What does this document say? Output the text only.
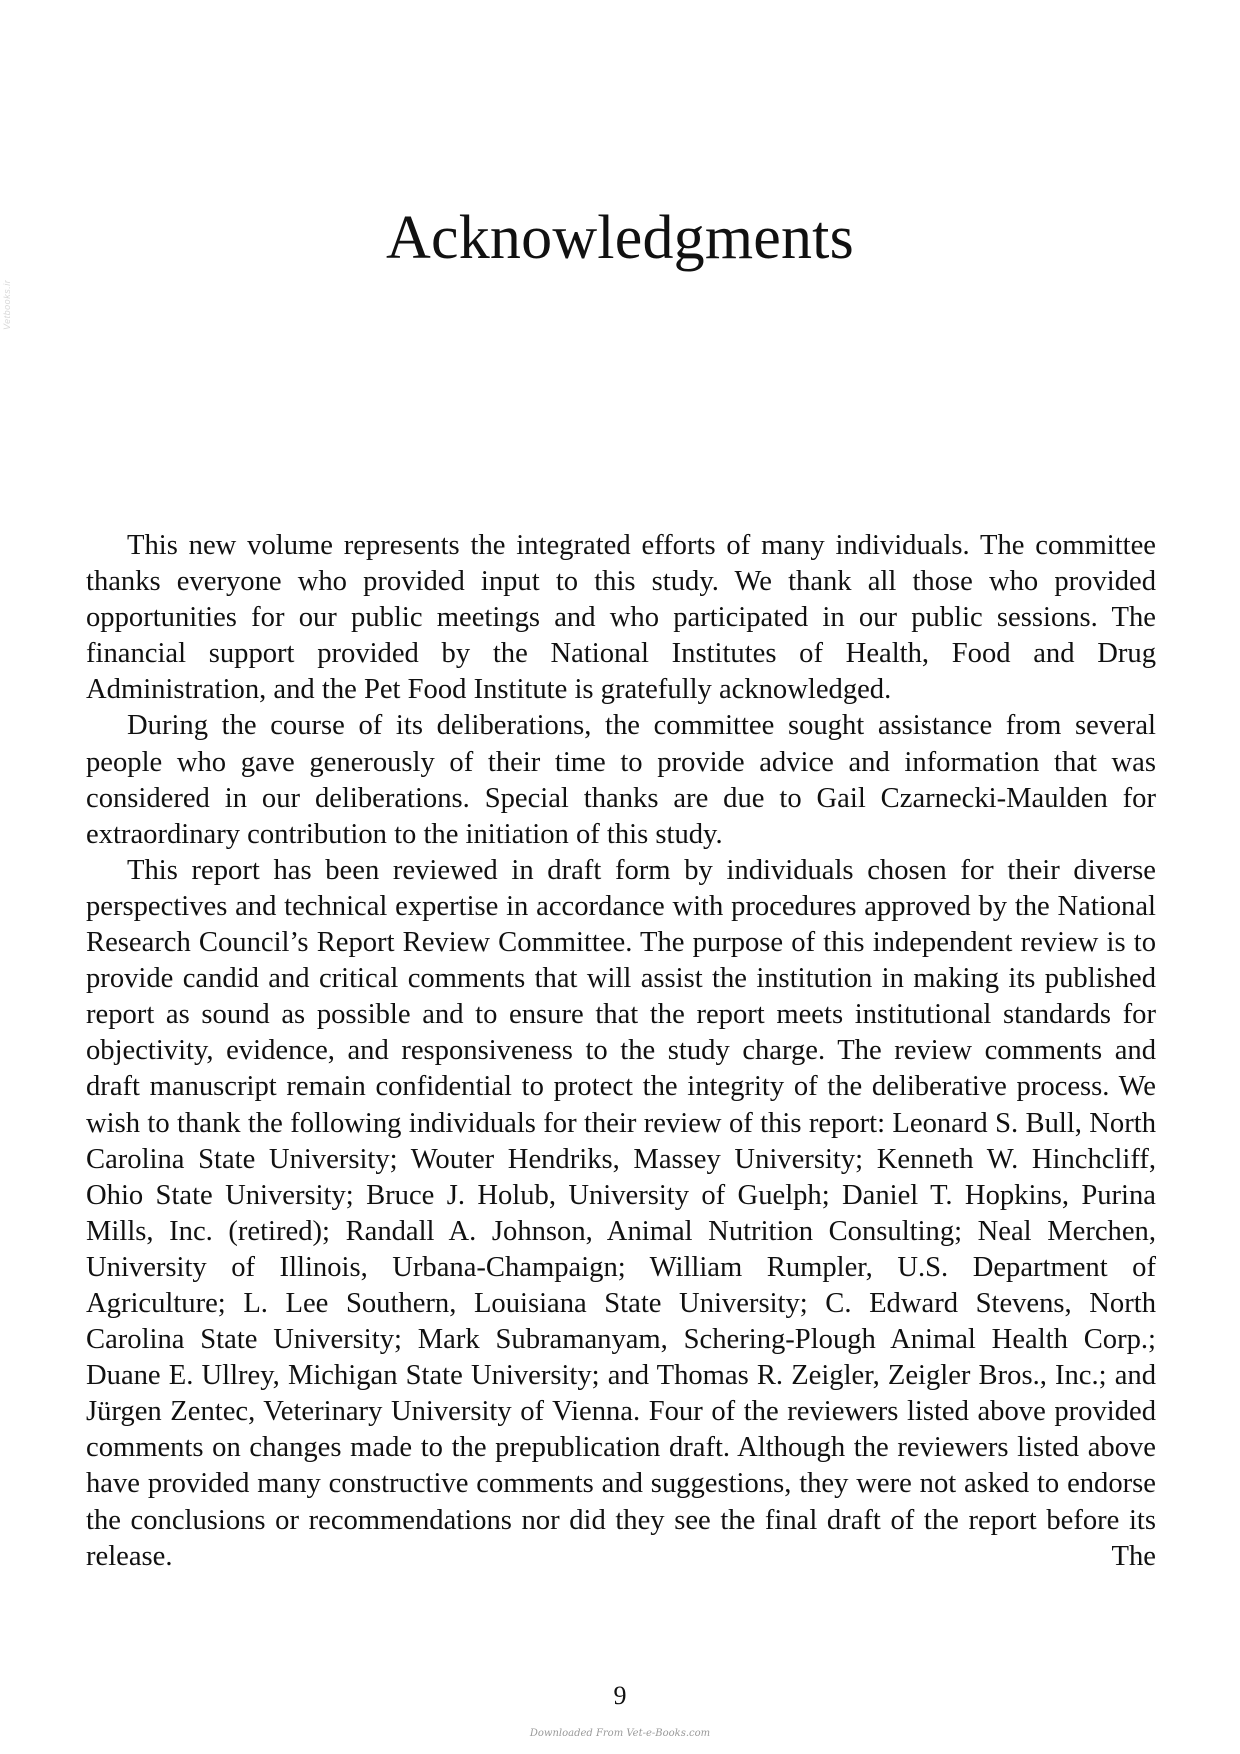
Vetbooks.ir
Acknowledgments

This new volume represents the integrated efforts of many individuals. The committee thanks everyone who provided input to this study. We thank all those who provided opportunities for our public meetings and who participated in our public sessions. The financial support provided by the National Institutes of Health, Food and Drug Administration, and the Pet Food Institute is gratefully acknowledged.

During the course of its deliberations, the committee sought assistance from several people who gave generously of their time to provide advice and information that was considered in our deliberations. Special thanks are due to Gail Czarnecki-Maulden for extraordinary contribution to the initiation of this study.

This report has been reviewed in draft form by individuals chosen for their diverse perspectives and technical expertise in accordance with procedures approved by the National Research Council’s Report Review Committee. The purpose of this independent review is to provide candid and critical comments that will assist the institution in making its published report as sound as possible and to ensure that the report meets institutional standards for objectivity, evidence, and responsiveness to the study charge. The review comments and draft manuscript remain confidential to protect the integrity of the deliberative process. We wish to thank the following individuals for their review of this report: Leonard S. Bull, North Carolina State University; Wouter Hendriks, Massey University; Kenneth W. Hinchcliff, Ohio State University; Bruce J. Holub, University of Guelph; Daniel T. Hopkins, Purina Mills, Inc. (retired); Randall A. Johnson, Animal Nutrition Consulting; Neal Merchen, University of Illinois, Urbana-Champaign; William Rumpler, U.S. Department of Agriculture; L. Lee Southern, Louisiana State University; C. Edward Stevens, North Carolina State University; Mark Subramanyam, Schering-Plough Animal Health Corp.; Duane E. Ullrey, Michigan State University; and Thomas R. Zeigler, Zeigler Bros., Inc.; and Jürgen Zentec, Veterinary University of Vienna. Four of the reviewers listed above provided comments on changes made to the prepublication draft. Although the reviewers listed above have provided many constructive comments and suggestions, they were not asked to endorse the conclusions or recommendations nor did they see the final draft of the report before its release. The

9
Downloaded From Vet-e-Books.com
